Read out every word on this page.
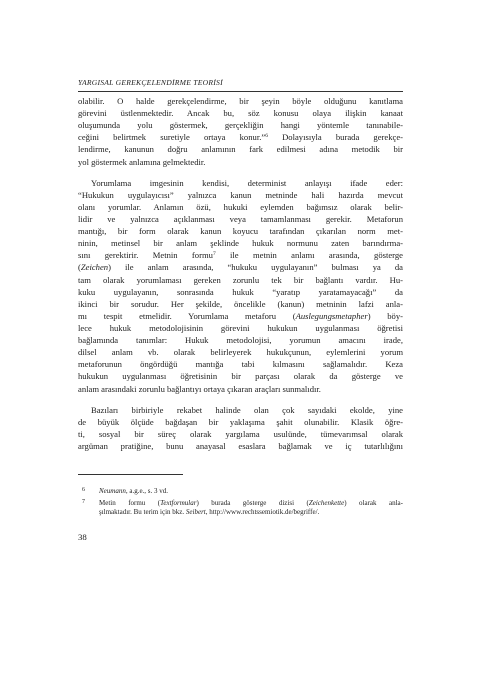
YARGISAL GEREKÇELENDİRME TEORİSİ
olabilir. O halde gerekçelendirme, bir şeyin böyle olduğunu kanıtlama
görevini üstlenmektedir. Ancak bu, söz konusu olaya ilişkin kanaat
oluşumunda yolu göstermek, gerçekliğin hangi yöntemle tanınabile-
ceğini belirtmek suretiyle ortaya konur.”$^6$ Dolayısıyla burada gerekçe-
lendirme, kanunun doğru anlamının fark edilmesi adına metodik bir
yol göstermek anlamına gelmektedir.
Yorumlama imgesinin kendisi, determinist anlayışı ifade eder:
“Hukukun uygulayıcısı” yalnızca kanun metninde hali hazırda mevcut
olanı yorumlar. Anlamın özü, hukuki eylemden bağımsız olarak belir-
lidir ve yalnızca açıklanması veya tamamlanması gerekir. Metaforun
mantığı, bir form olarak kanun koyucu tarafından çıkarılan norm met-
ninin, metinsel bir anlam şeklinde hukuk normunu zaten barındırma-
sını gerektirir. Metnin formu$^7$ ile metnin anlamı arasında, gösterge
(Zeichen) ile anlam arasında, “hukuku uygulayanın” bulması ya da
tam olarak yorumlaması gereken zorunlu tek bir bağlantı vardır. Hu-
kuku uygulayanın, sonrasında hukuk “yaratıp yaratamayacağı” da
ikinci bir sorudur. Her şekilde, öncelikle (kanun) metninin lafzi anla-
mı tespit etmelidir. Yorumlama metaforu (Auslegungsmetapher) böy-
lece hukuk metodolojisinin görevini hukukun uygulanması öğretisi
bağlamında tanımlar: Hukuk metodolojisi, yorumun amacını irade,
dilsel anlam vb. olarak belirleyerek hukukçunun, eylemlerini yorum
metaforunun öngördüğü mantığa tabi kılmasını sağlamalıdır. Keza
hukukun uygulanması öğretisinin bir parçası olarak da gösterge ve
anlam arasındaki zorunlu bağlantıyı ortaya çıkaran araçları sunmalıdır.
Bazıları birbiriyle rekabet halinde olan çok sayıdaki ekolde, yine
de büyük ölçüde bağdaşan bir yaklaşıma şahit olunabilir. Klasik öğre-
ti, sosyal bir süreç olarak yargılama usulünde, tümevarımsal olarak
argüman pratiğine, bunu anayasal esaslara bağlamak ve iç tutarlılığını
6 Neumann, a.g.e., s. 3 vd.
7 Metin formu (Textformular) burada gösterge dizisi (Zeichenkette) olarak anla-
şılmaktadır. Bu terim için bkz. Seibert, http://www.rechtssemiotik.de/begriffe/.
38
